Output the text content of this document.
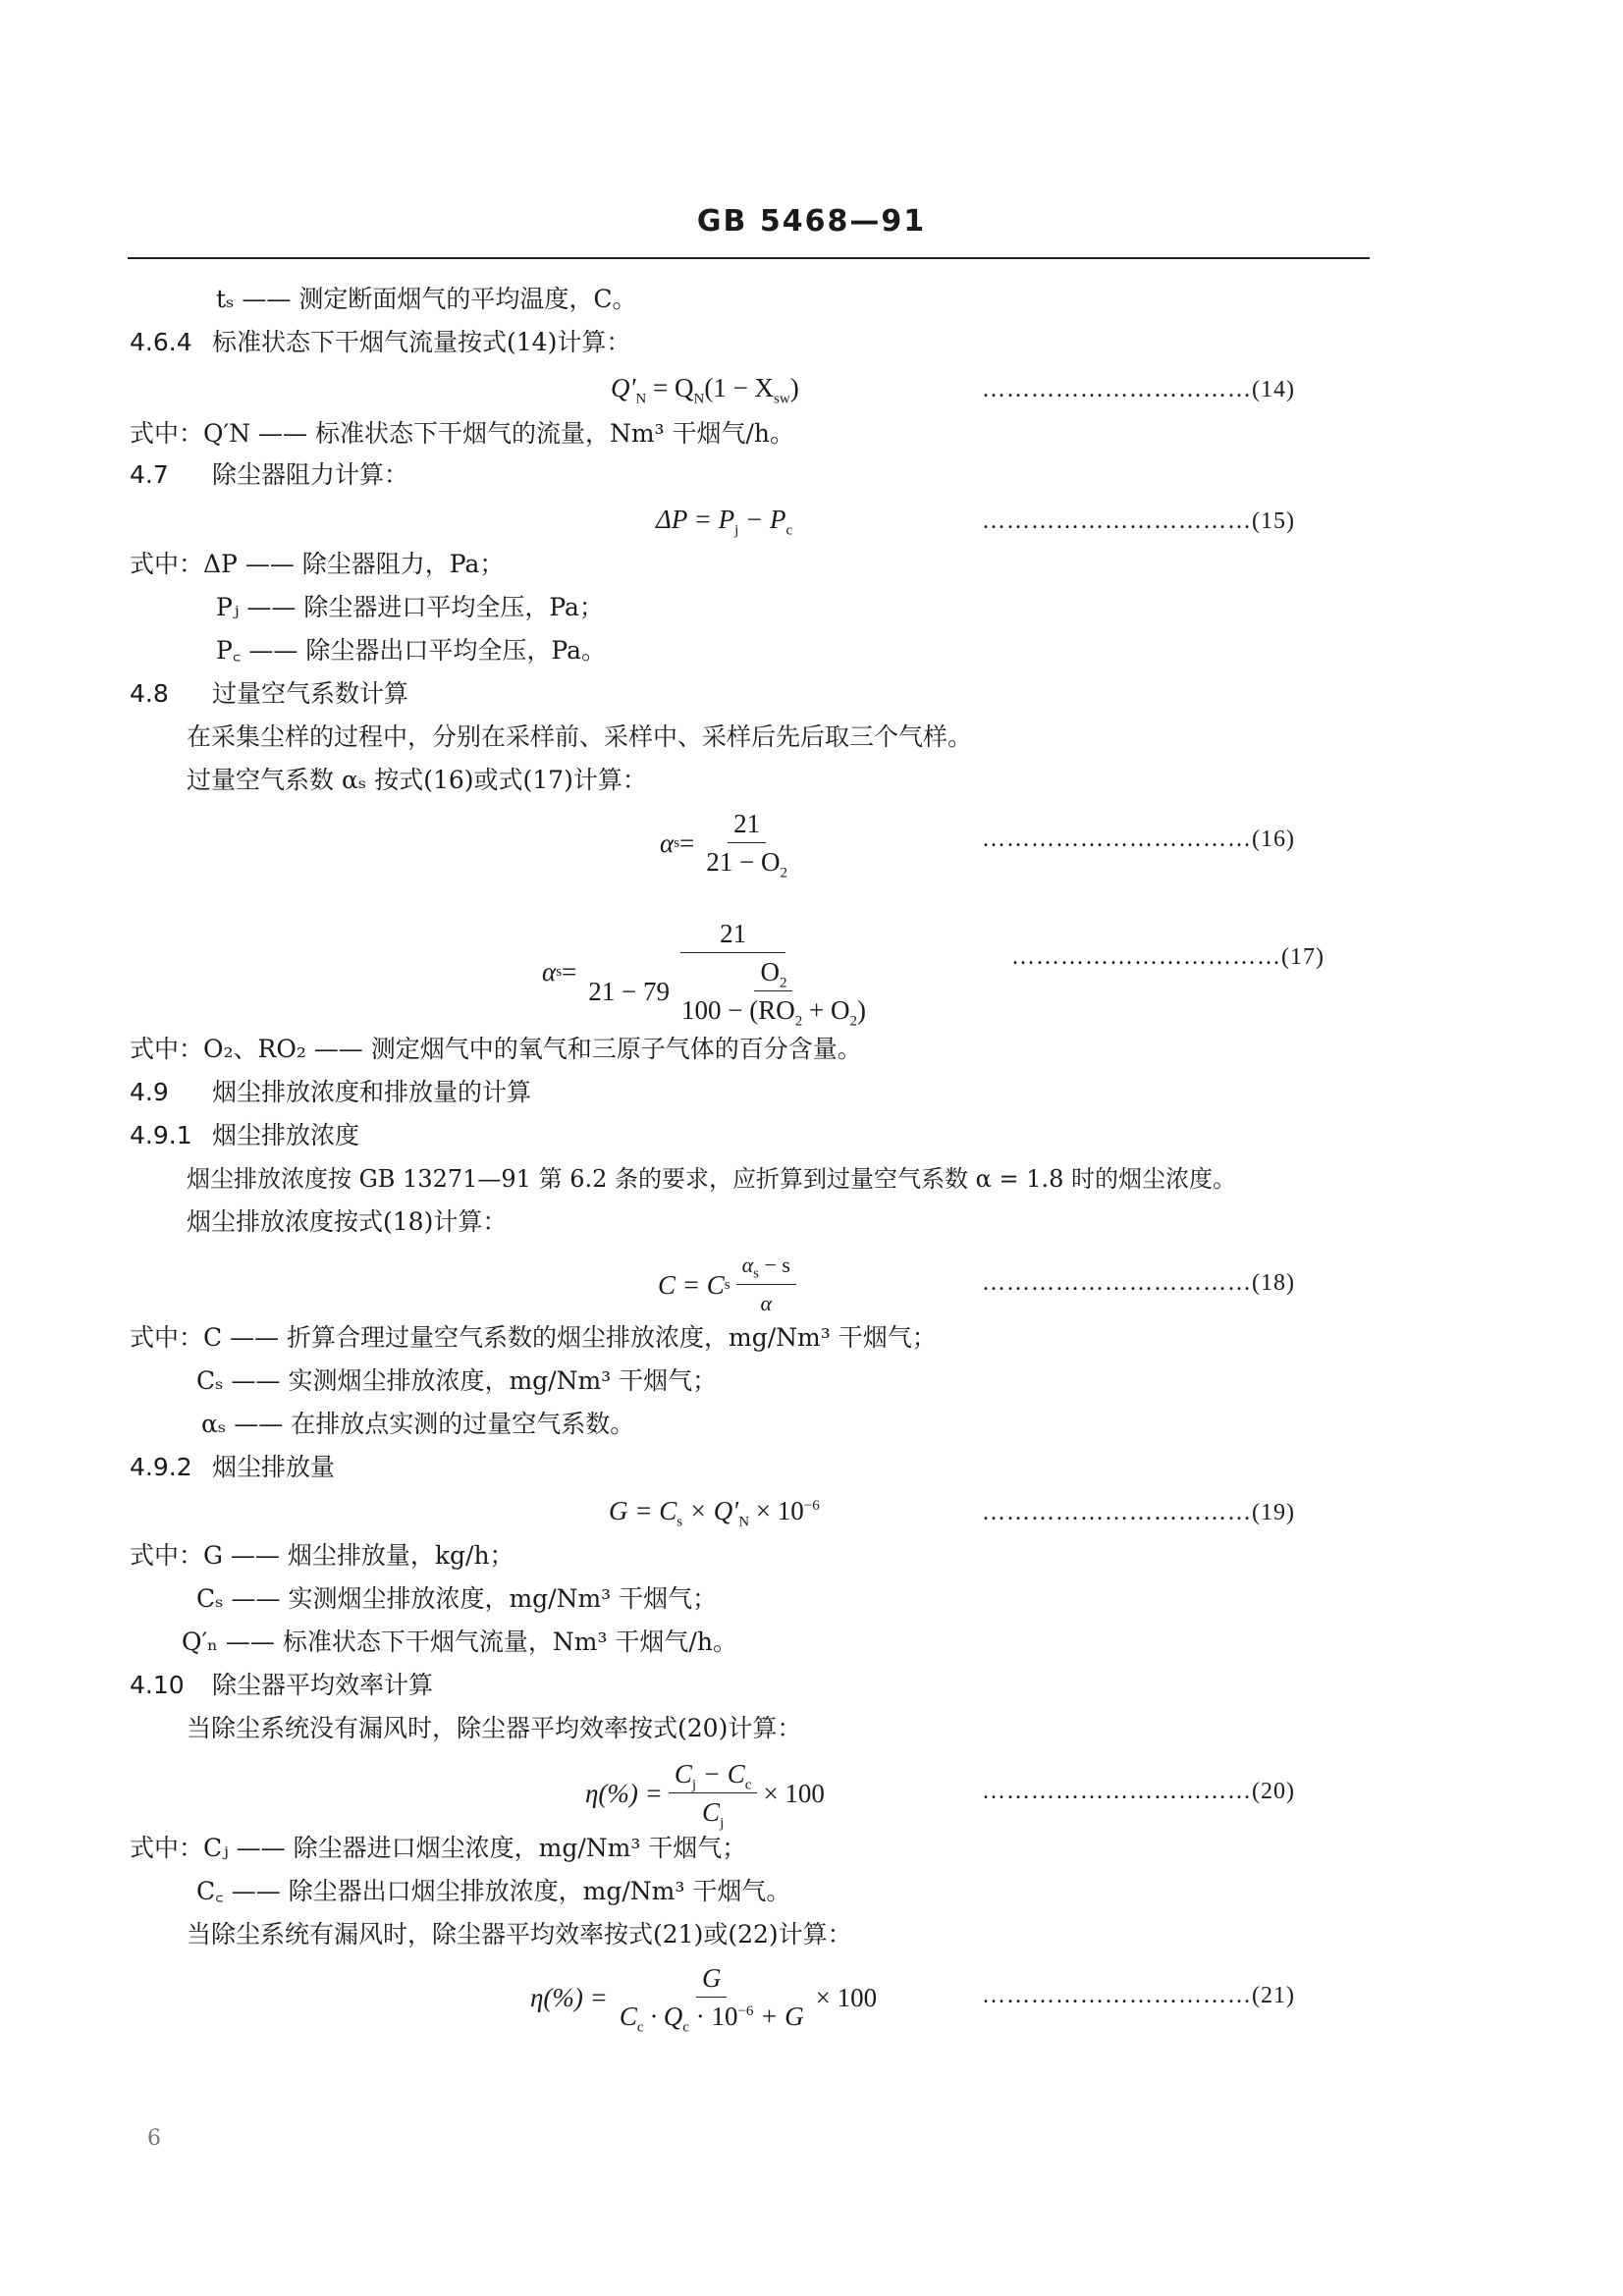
GB 5468—91
tₛ —— 测定断面烟气的平均温度，C。
4.6.4 标准状态下干烟气流量按式(14)计算：
$Q'_N = Q_N(1 - X_{sw})$	……………………………(14)
式中：Q′N —— 标准状态下干烟气的流量，Nm³ 干烟气/h。
4.7 除尘器阻力计算：
$\Delta P = P_j - P_c$	……………………………(15)
式中：ΔP —— 除尘器阻力，Pa；
Pⱼ —— 除尘器进口平均全压，Pa；
P꜀ —— 除尘器出口平均全压，Pa。
4.8 过量空气系数计算
在采集尘样的过程中，分别在采样前、采样中、采样后先后取三个气样。
过量空气系数 αₛ 按式(16)或式(17)计算：
α $s = \frac{21}{21 - O_2}$	……………………………(16)
α s =
21
$21 - 79 \frac{O_2}{100 - (RO_2 + O_2)}$	……………………………(17)
式中：O₂、RO₂ —— 测定烟气中的氧气和三原子气体的百分含量。
4.9 烟尘排放浓度和排放量的计算
4.9.1 烟尘排放浓度
烟尘排放浓度按 GB 13271—91 第 6.2 条的要求，应折算到过量空气系数 α = 1.8 时的烟尘浓度。
烟尘排放浓度按式(18)计算：
C = C s $\frac{\alpha_s - s}{\alpha}$	……………………………(18)
式中：C —— 折算合理过量空气系数的烟尘排放浓度，mg/Nm³ 干烟气；
Cₛ —— 实测烟尘排放浓度，mg/Nm³ 干烟气；
αₛ —— 在排放点实测的过量空气系数。
4.9.2 烟尘排放量
$G = C_s \times Q'_N \times 10^{-6}$	……………………………(19)
式中：G —— 烟尘排放量，kg/h；
Cₛ —— 实测烟尘排放浓度，mg/Nm³ 干烟气；
Q′ₙ —— 标准状态下干烟气流量，Nm³ 干烟气/h。
4.10 除尘器平均效率计算
当除尘系统没有漏风时，除尘器平均效率按式(20)计算：
$\eta(\%) = \frac{C_j - C_c}{C_j} \times 100$	……………………………(20)
式中：Cⱼ —— 除尘器进口烟尘浓度，mg/Nm³ 干烟气；
C꜀ —— 除尘器出口烟尘排放浓度，mg/Nm³ 干烟气。
当除尘系统有漏风时，除尘器平均效率按式(21)或(22)计算：
$\eta(\%) = \frac{G}{C_c \cdot Q_c \cdot 10^{-6} + G} \times 100$	……………………………(21)
6
